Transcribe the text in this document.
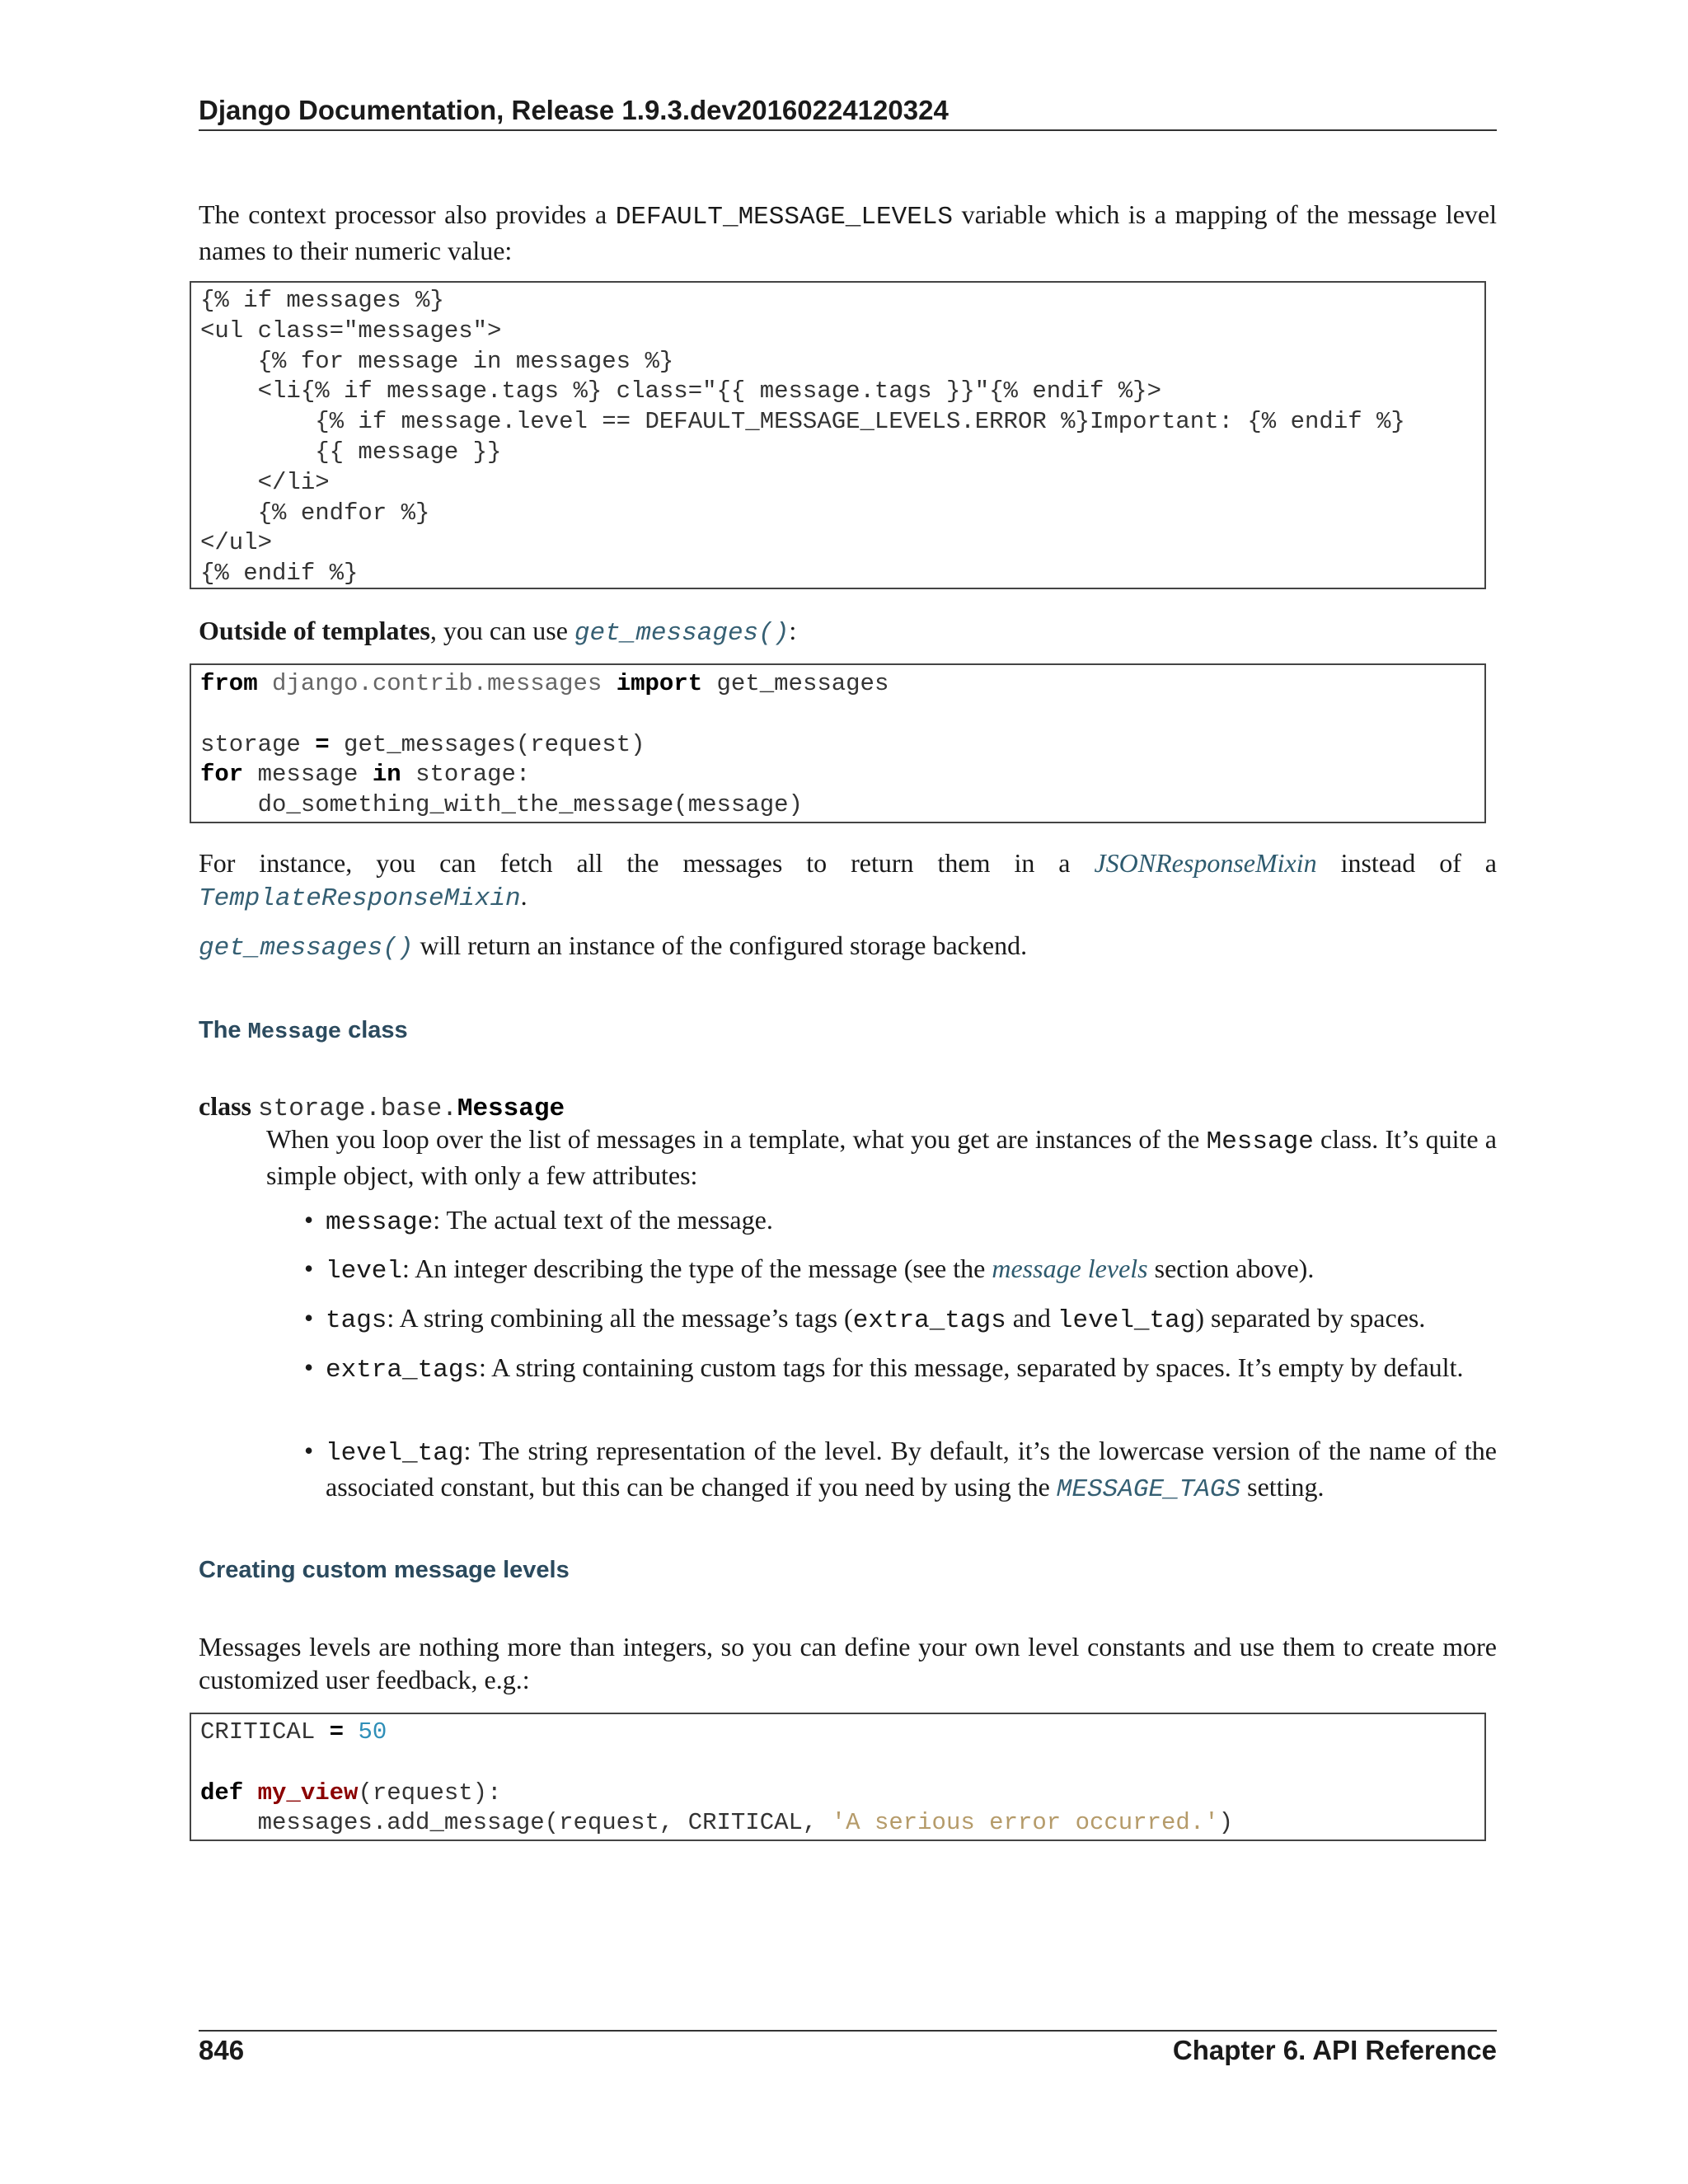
Django Documentation, Release 1.9.3.dev20160224120324

The context processor also provides a DEFAULT_MESSAGE_LEVELS variable which is a mapping of the message level names to their numeric value:

{% if messages %}
<ul class="messages">
{% for message in messages %}
<li{% if message.tags %} class="{{ message.tags }}"{% endif %}>
{% if message.level == DEFAULT_MESSAGE_LEVELS.ERROR %}Important: {% endif %}
{{ message }}
</li>
{% endfor %}
</ul>
{% endif %}

Outside of templates, you can use get_messages():

from django.contrib.messages import get_messages

storage = get_messages(request)
for message in storage:
do_something_with_the_message(message)

For instance, you can fetch all the messages to return them in a JSONResponseMixin instead of a TemplateResponseMixin.

get_messages() will return an instance of the configured storage backend.

The Message class
class storage.base.Message

When you loop over the list of messages in a template, what you get are instances of the Message class. It’s quite a simple object, with only a few attributes:

• message: The actual text of the message.
• level: An integer describing the type of the message (see the message levels section above).
• tags: A string combining all the message’s tags (extra_tags and level_tag) separated by spaces.
• extra_tags: A string containing custom tags for this message, separated by spaces. It’s empty by default.
• level_tag: The string representation of the level. By default, it’s the lowercase version of the name of the associated constant, but this can be changed if you need by using the MESSAGE_TAGS setting.
Creating custom message levels

Messages levels are nothing more than integers, so you can define your own level constants and use them to create more customized user feedback, e.g.:

CRITICAL = 50

def my_view(request):
messages.add_message(request, CRITICAL, 'A serious error occurred.')
846	Chapter 6. API Reference
